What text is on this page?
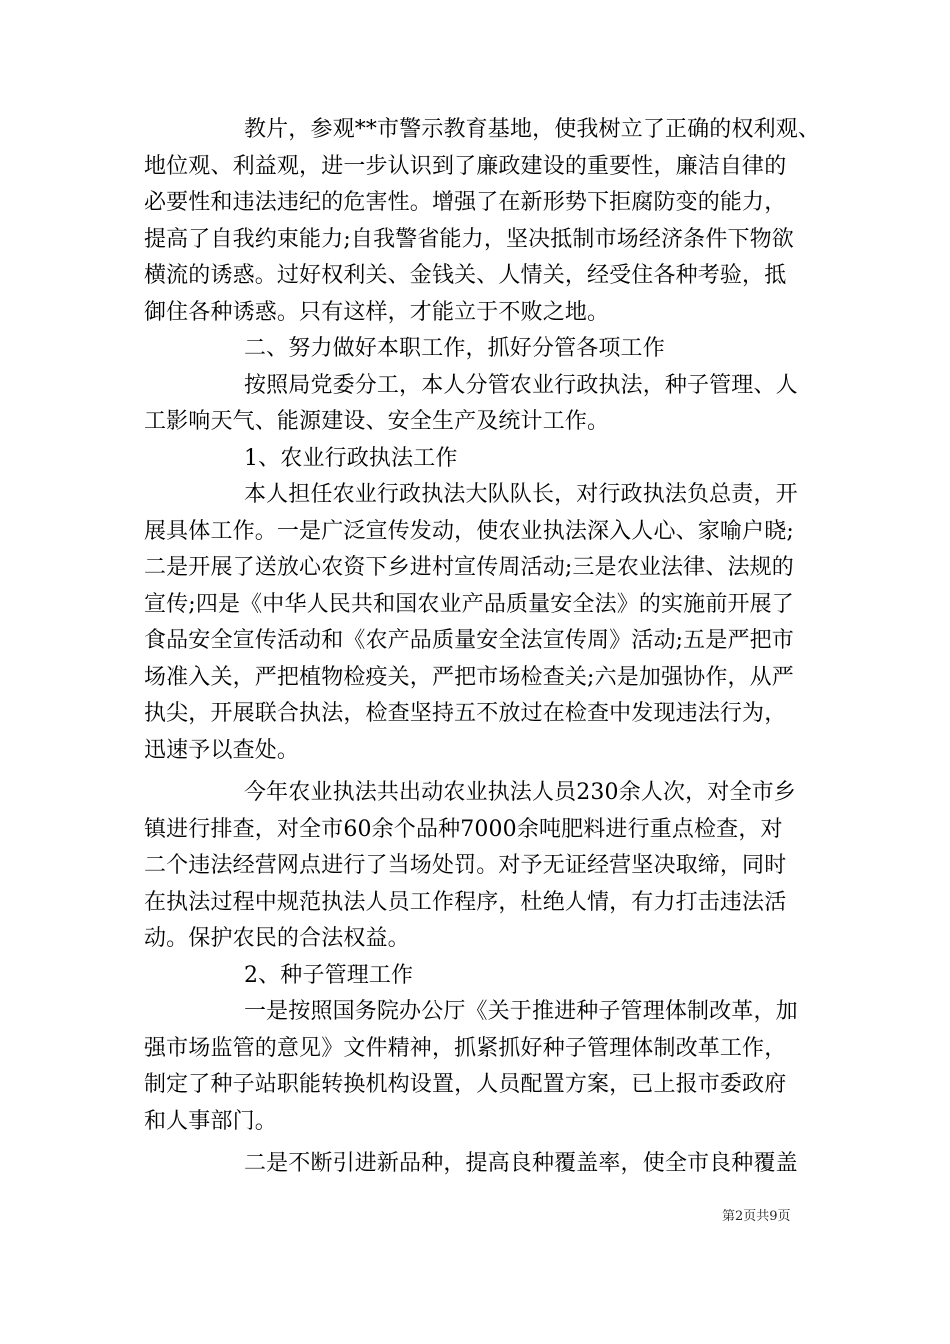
教片，参观**市警示教育基地，使我树立了正确的权利观、
地位观、利益观，进一步认识到了廉政建设的重要性，廉洁自律的
必要性和违法违纪的危害性。增强了在新形势下拒腐防变的能力，
提高了自我约束能力;自我警省能力，坚决抵制市场经济条件下物欲
横流的诱惑。过好权利关、金钱关、人情关，经受住各种考验，抵
御住各种诱惑。只有这样，才能立于不败之地。
二、努力做好本职工作，抓好分管各项工作
按照局党委分工，本人分管农业行政执法，种子管理、人
工影响天气、能源建设、安全生产及统计工作。
1、农业行政执法工作
本人担任农业行政执法大队队长，对行政执法负总责，开
展具体工作。一是广泛宣传发动，使农业执法深入人心、家喻户晓;
二是开展了送放心农资下乡进村宣传周活动;三是农业法律、法规的
宣传;四是《中华人民共和国农业产品质量安全法》的实施前开展了
食品安全宣传活动和《农产品质量安全法宣传周》活动;五是严把市
场准入关，严把植物检疫关，严把市场检查关;六是加强协作，从严
执尖，开展联合执法，检查坚持五不放过在检查中发现违法行为，
迅速予以查处。
今年农业执法共出动农业执法人员230余人次，对全市乡
镇进行排查，对全市60余个品种7000余吨肥料进行重点检查，对
二个违法经营网点进行了当场处罚。对予无证经营坚决取缔，同时
在执法过程中规范执法人员工作程序，杜绝人情，有力打击违法活
动。保护农民的合法权益。
2、种子管理工作
一是按照国务院办公厅《关于推进种子管理体制改革，加
强市场监管的意见》文件精神，抓紧抓好种子管理体制改革工作，
制定了种子站职能转换机构设置，人员配置方案，已上报市委政府
和人事部门。
二是不断引进新品种，提高良种覆盖率，使全市良种覆盖
第2页共9页
